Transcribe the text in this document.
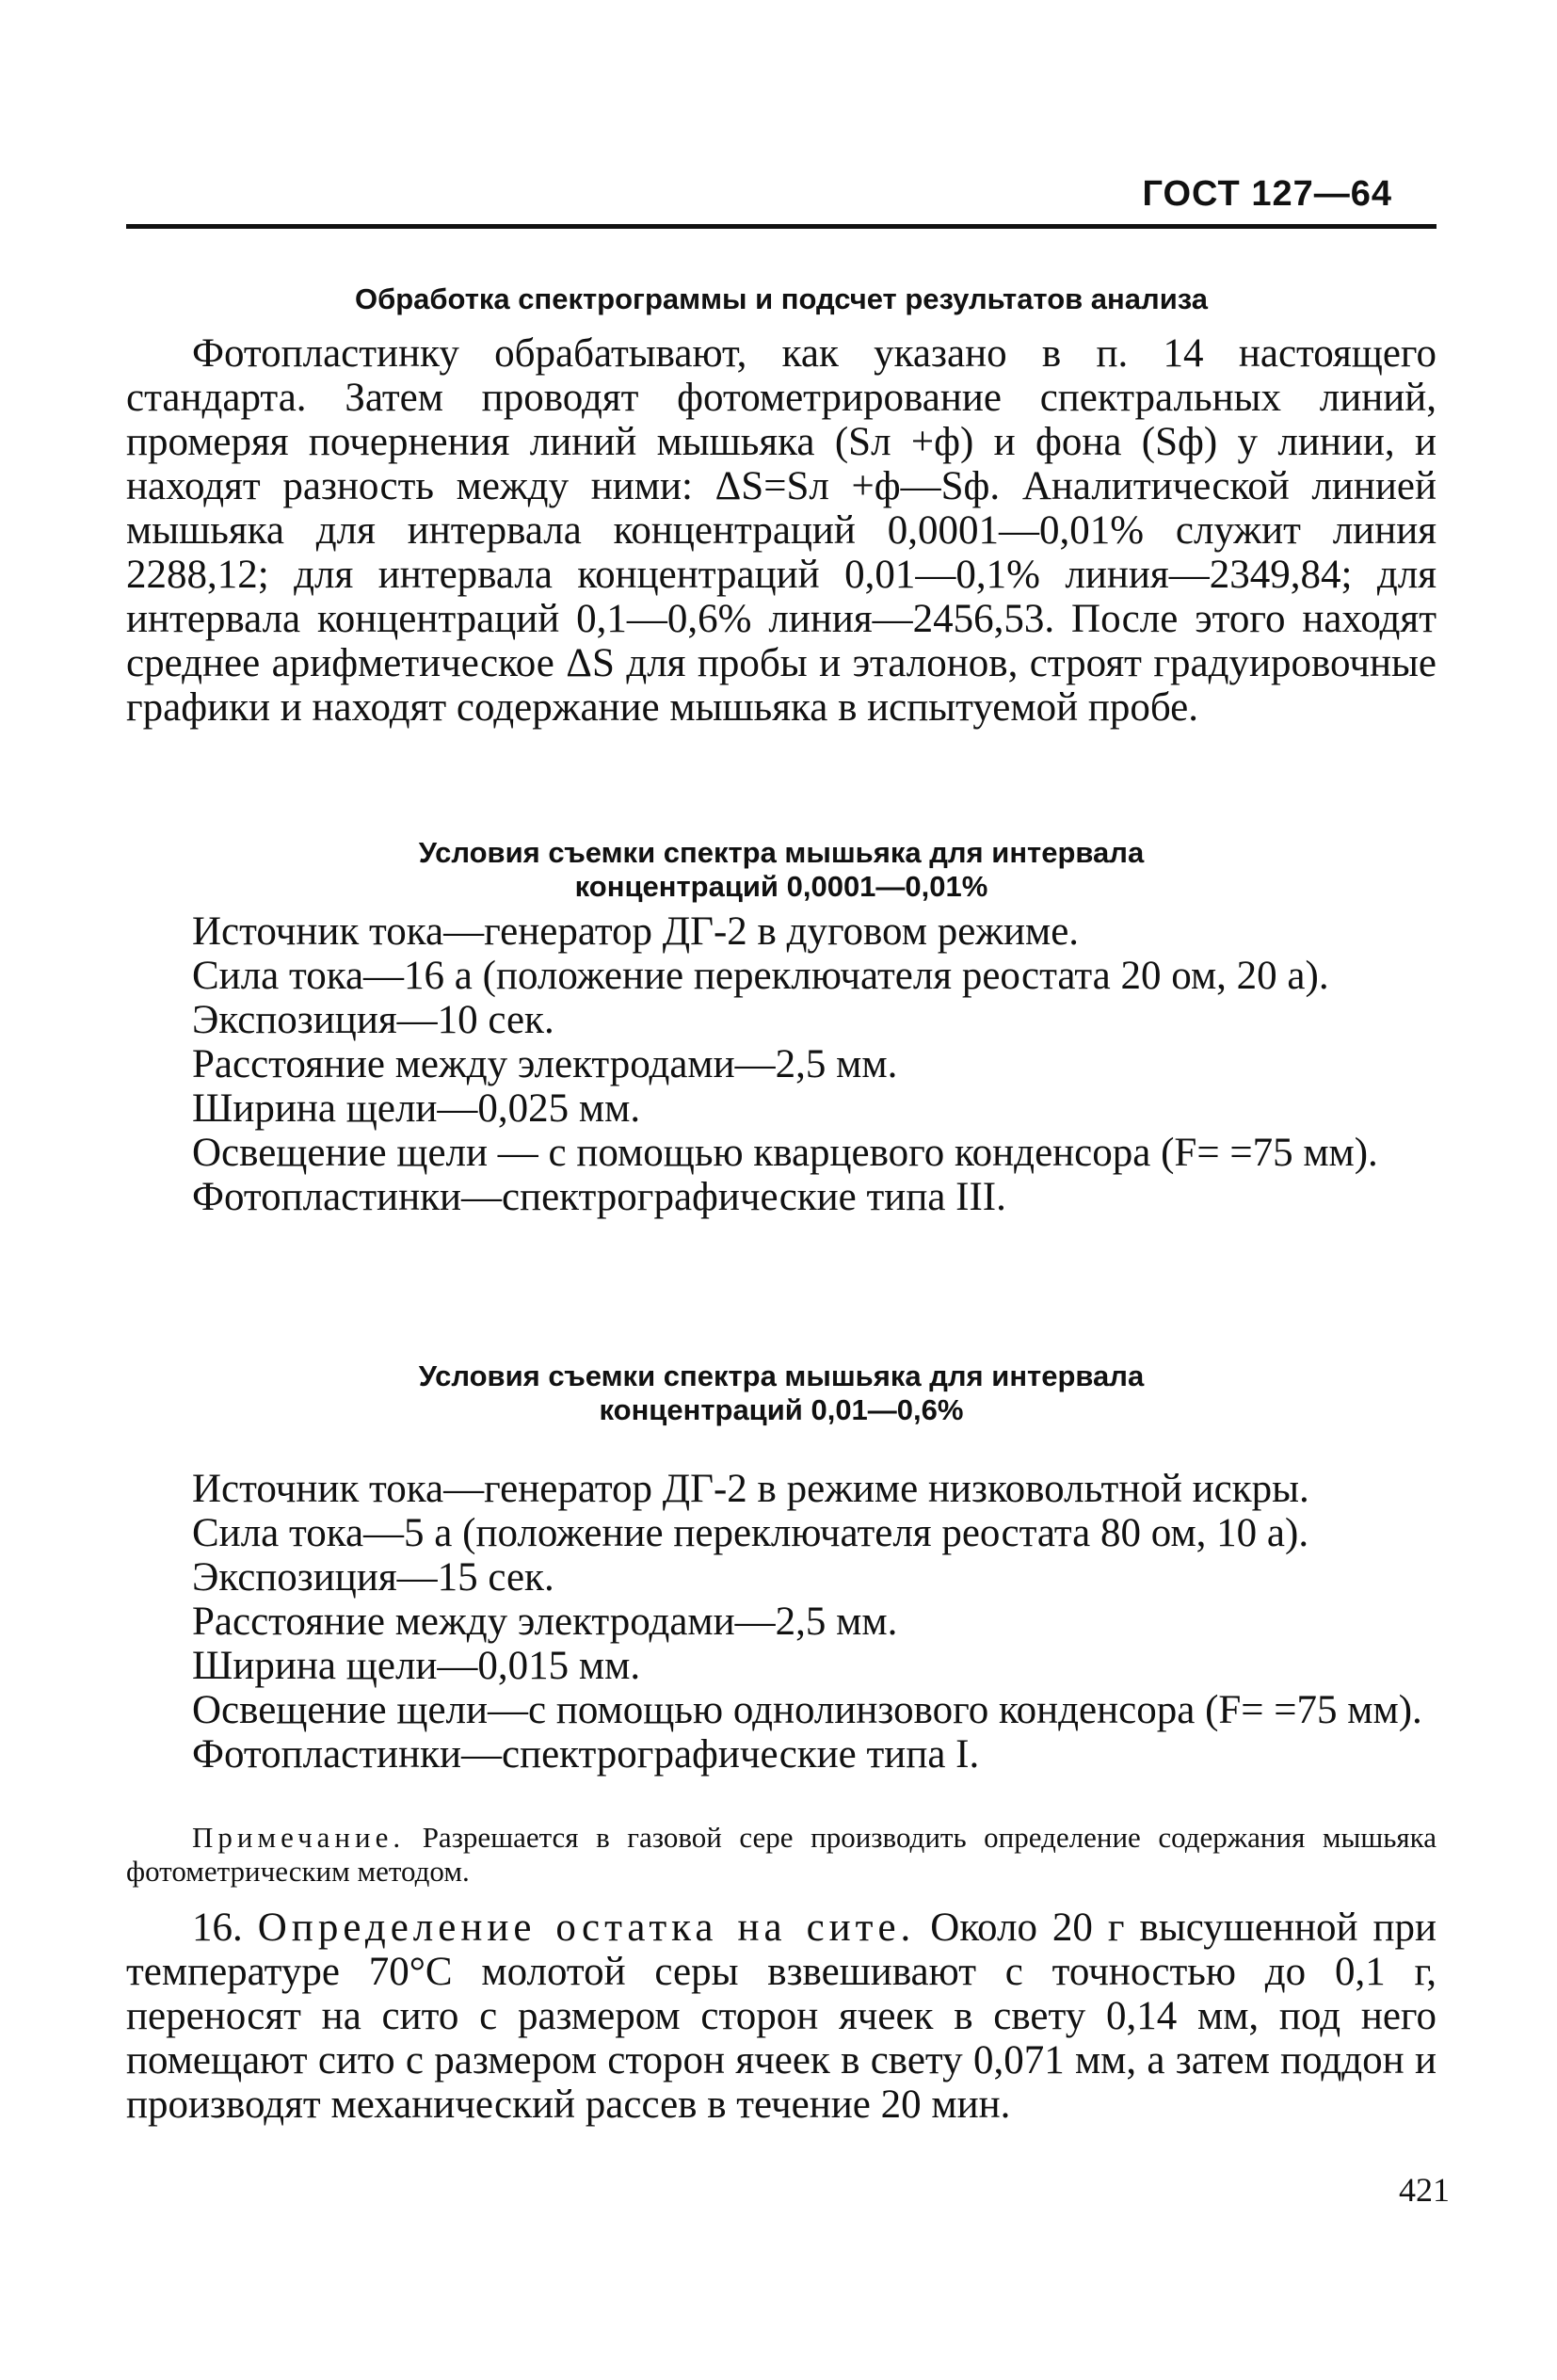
ГОСТ 127—64
Обработка спектрограммы и подсчет результатов анализа

Фотопластинку обрабатывают, как указано в п. 14 настоящего стандарта. Затем проводят фотометрирование спектральных линий, промеряя почернения линий мышьяка (Sл +ф) и фона (Sф) у линии, и находят разность между ними: ΔS=Sл +ф—Sф. Аналитической линией мышьяка для интервала концентраций 0,0001—0,01% служит линия 2288,12; для интервала концентраций 0,01—0,1% линия—2349,84; для интервала концентраций 0,1—0,6% линия—2456,53. После этого находят среднее арифметическое ΔS для пробы и эталонов, строят градуировочные графики и находят содержание мышьяка в испытуемой пробе.

Условия съемки спектра мышьяка для интервала
концентраций 0,0001—0,01%
Источник тока—генератор ДГ-2 в дуговом режиме.
Сила тока—16 а (положение переключателя реостата 20 ом, 20 а).
Экспозиция—10 сек.
Расстояние между электродами—2,5 мм.
Ширина щели—0,025 мм.
Освещение щели — с помощью кварцевого конденсора (F= =75 мм).
Фотопластинки—спектрографические типа III.
Условия съемки спектра мышьяка для интервала
концентраций 0,01—0,6%
Источник тока—генератор ДГ-2 в режиме низковольтной искры.
Сила тока—5 а (положение переключателя реостата 80 ом, 10 а).
Экспозиция—15 сек.
Расстояние между электродами—2,5 мм.
Ширина щели—0,015 мм.
Освещение щели—с помощью однолинзового конденсора (F= =75 мм).
Фотопластинки—спектрографические типа I.
Примечание. Разрешается в газовой сере производить определение содержания мышьяка фотометрическим методом.

16. Определение остатка на сите. Около 20 г высушенной при температуре 70°С молотой серы взвешивают с точностью до 0,1 г, переносят на сито с размером сторон ячеек в свету 0,14 мм, под него помещают сито с размером сторон ячеек в свету 0,071 мм, а затем поддон и производят механический рассев в течение 20 мин.

421
